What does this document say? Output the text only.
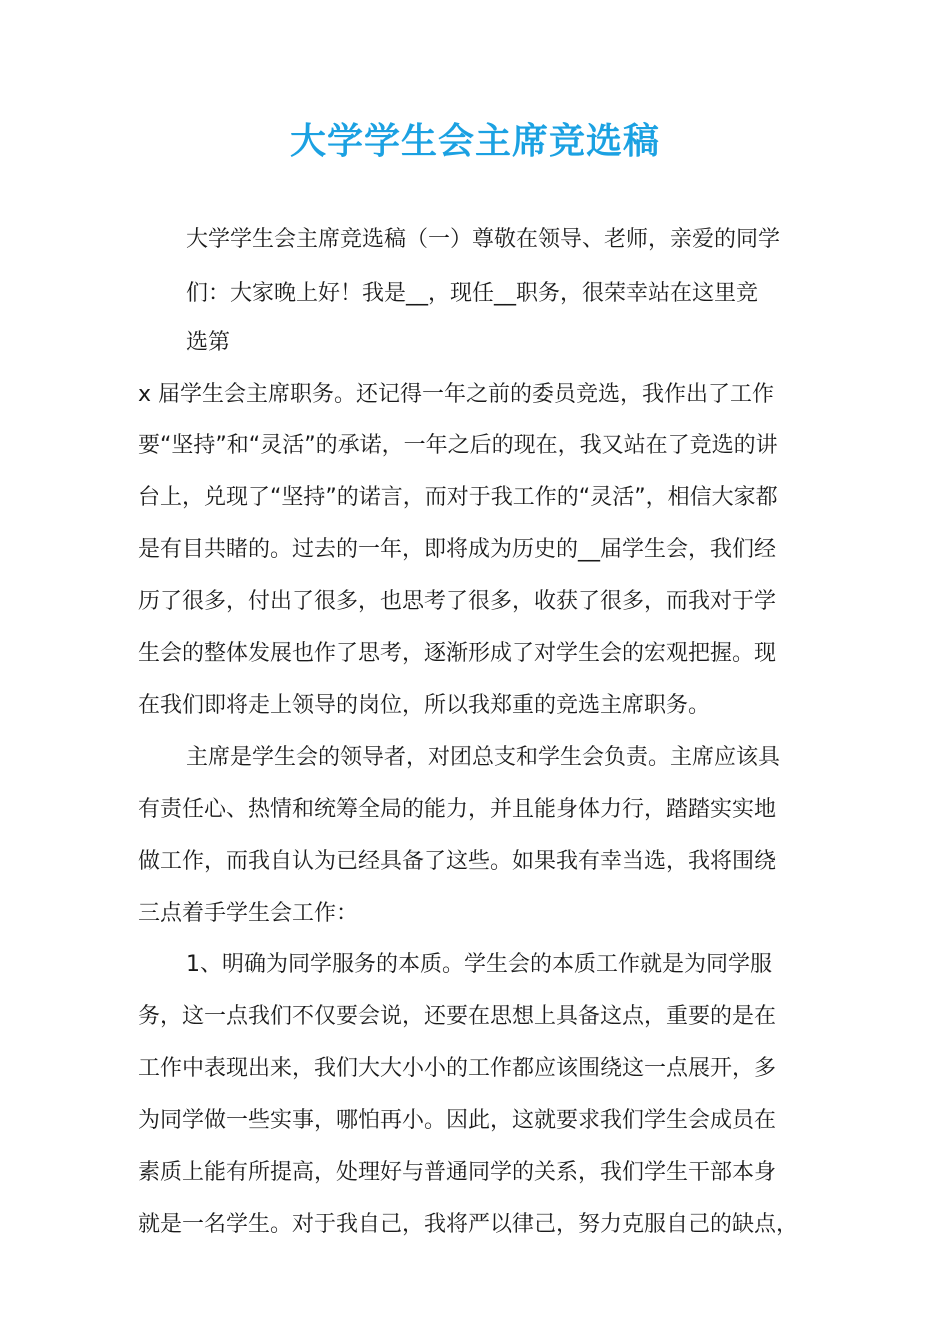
大学学生会主席竞选稿
大学学生会主席竞选稿（一）尊敬在领导、老师，亲爱的同学
们：大家晚上好！我是__，现任__职务，很荣幸站在这里竞
选第
x 届学生会主席职务。还记得一年之前的委员竞选，我作出了工作
要“坚持”和“灵活”的承诺，一年之后的现在，我又站在了竞选的讲
台上，兑现了“坚持”的诺言，而对于我工作的“灵活”，相信大家都
是有目共睹的。过去的一年，即将成为历史的__届学生会，我们经
历了很多，付出了很多，也思考了很多，收获了很多，而我对于学
生会的整体发展也作了思考，逐渐形成了对学生会的宏观把握。现
在我们即将走上领导的岗位，所以我郑重的竞选主席职务。
主席是学生会的领导者，对团总支和学生会负责。主席应该具
有责任心、热情和统筹全局的能力，并且能身体力行，踏踏实实地
做工作，而我自认为已经具备了这些。如果我有幸当选，我将围绕
三点着手学生会工作：
1、明确为同学服务的本质。学生会的本质工作就是为同学服
务，这一点我们不仅要会说，还要在思想上具备这点，重要的是在
工作中表现出来，我们大大小小的工作都应该围绕这一点展开，多
为同学做一些实事，哪怕再小。因此，这就要求我们学生会成员在
素质上能有所提高，处理好与普通同学的关系，我们学生干部本身
就是一名学生。对于我自己，我将严以律己，努力克服自己的缺点，
